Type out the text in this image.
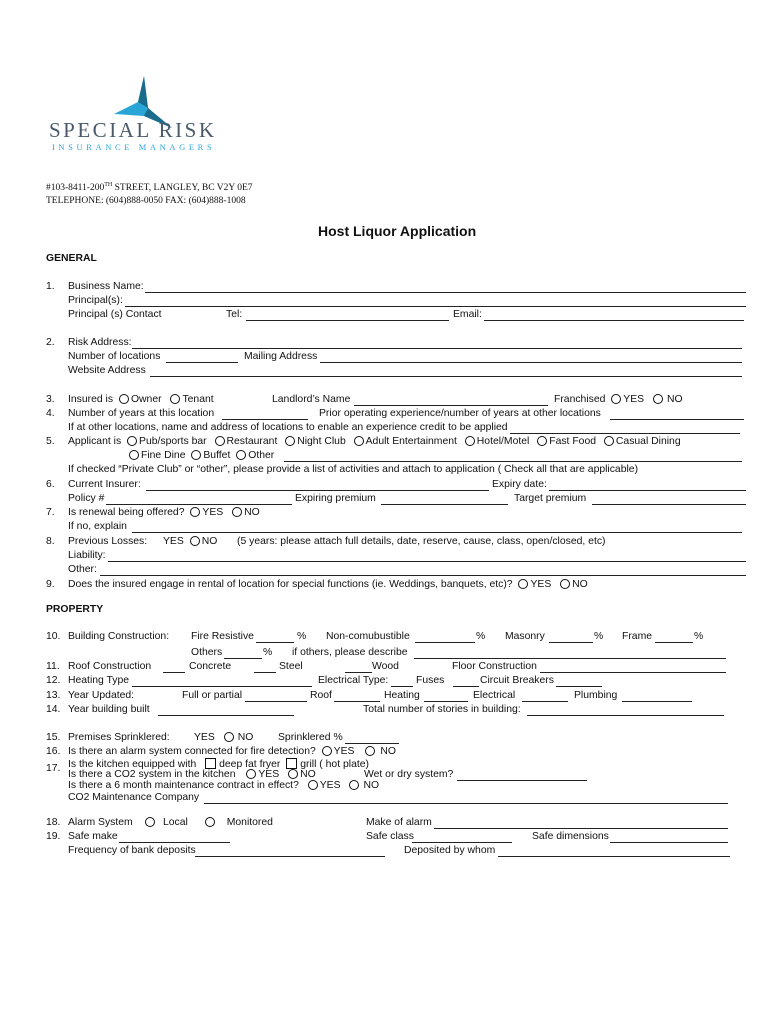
SPECIAL RISK
INSURANCE MANAGERS
#103-8411-200TH STREET, LANGLEY, BC V2Y 0E7
TELEPHONE: (604)888-0050 FAX: (604)888-1008
Host Liquor Application
GENERAL
1. Business Name:
Principal(s):
Principal (s) Contact	Tel:	Email:
2. Risk Address:
Number of locations	Mailing Address
Website Address
3. Insured is Owner Tenant	Landlord’s Name	Franchised YES NO
4. Number of years at this location	Prior operating experience/number of years at other locations
If at other locations, name and address of locations to enable an experience credit to be applied
5. Applicant is Pub/sports bar Restaurant Night Club Adult Entertainment Hotel/Motel Fast Food Casual Dining
Fine Dine Buffet Other
If checked “Private Club” or “other”, please provide a list of activities and attach to application ( Check all that are applicable)
6. Current Insurer:	Expiry date:
Policy #	Expiring premium	Target premium
7. Is renewal being offered? YES NO
If no, explain
8. Previous Losses: YES NO (5 years: please attach full details, date, reserve, cause, class, open/closed, etc)
Liability:
Other:
9. Does the insured engage in rental of location for special functions (ie. Weddings, banquets, etc)? YES NO
PROPERTY
10. Building Construction: Fire Resistive	% Non-comubustible	% Masonry	% Frame	%
Others	% if others, please describe
11. Roof Construction	Concrete	Steel	Wood	Floor Construction
12. Heating Type	Electrical Type:	Fuses	Circuit Breakers
13. Year Updated:	Full or partial	Roof	Heating	Electrical	Plumbing
14. Year building built	Total number of stories in building:
15. Premises Sprinklered: YES NO Sprinklered %
16. Is there an alarm system connected for fire detection? YES NO
17. Is the kitchen equipped with deep fat fryer grill ( hot plate)
Is there a CO2 system in the kitchen YES NO	Wet or dry system?
Is there a 6 month maintenance contract in effect? YES NO
CO2 Maintenance Company
18. Alarm System	Local	Monitored	Make of alarm
19. Safe make	Safe class	Safe dimensions
Frequency of bank deposits	Deposited by whom
